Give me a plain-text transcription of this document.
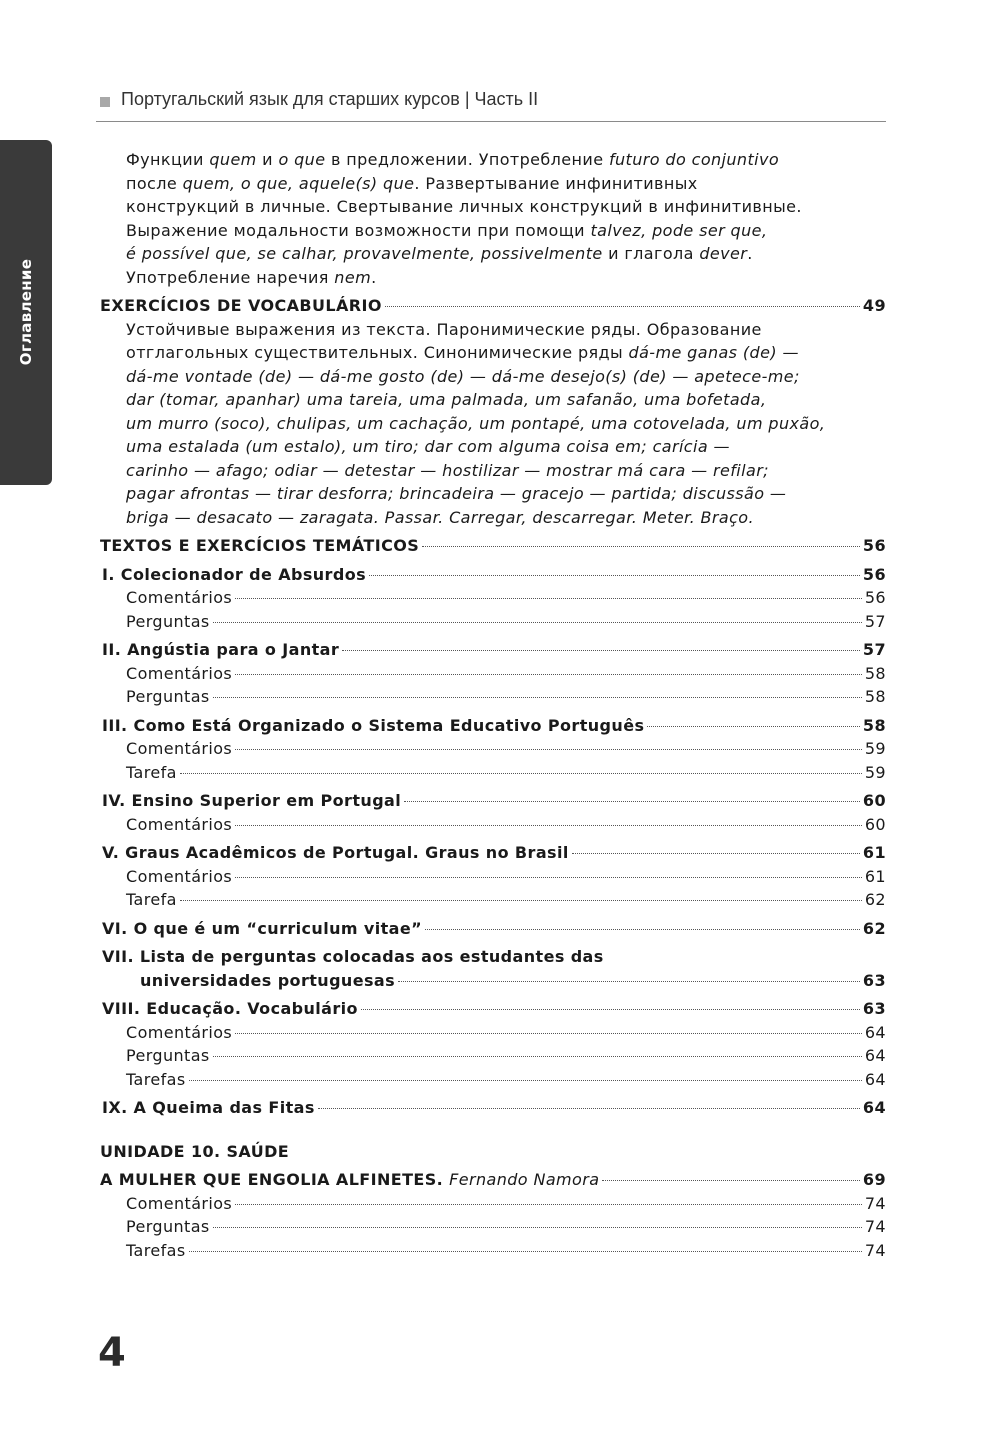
Португальский язык для старших курсов | Часть II
Оглавление
Функции quem и o que в предложении. Употребление futuro do conjuntivo
после quem, o que, aquele(s) que. Развертывание инфинитивных
конструкций в личные. Свертывание личных конструкций в инфинитивные.
Выражение модальности возможности при помощи talvez, pode ser que,
é possível que, se calhar, provavelmente, possivelmente и глагола dever.
Употребление наречия nem.
EXERCÍCIOS DE VOCABULÁRIO	49
Устойчивые выражения из текста. Паронимические ряды. Образование
отглагольных существительных. Синонимические ряды dá-me ganas (de) —
dá-me vontade (de) — dá-me gosto (de) — dá-me desejo(s) (de) — apetece-me;
dar (tomar, apanhar) uma tareia, uma palmada, um safanão, uma bofetada,
um murro (soco), chulipas, um cachação, um pontapé, uma cotovelada, um puxão,
uma estalada (um estalo), um tiro; dar com alguma coisa em; carícia —
carinho — afago; odiar — detestar — hostilizar — mostrar má cara — refilar;
pagar afrontas — tirar desforra; brincadeira — gracejo — partida; discussão —
briga — desacato — zaragata. Passar. Carregar, descarregar. Meter. Braço.
TEXTOS E EXERCÍCIOS TEMÁTICOS	56
I. Colecionador de Absurdos	56
Comentários	56
Perguntas	57
II. Angústia para o Jantar	57
Comentários	58
Perguntas	58
III. Como Está Organizado o Sistema Educativo Português	58
Comentários	59
Tarefa	59
IV. Ensino Superior em Portugal	60
Comentários	60
V. Graus Acadêmicos de Portugal. Graus no Brasil	61
Comentários	61
Tarefa	62
VI. O que é um “curriculum vitae”	62
VII. Lista de perguntas colocadas aos estudantes das
universidades portuguesas	63
VIII. Educação. Vocabulário	63
Comentários	64
Perguntas	64
Tarefas	64
IX. A Queima das Fitas	64
UNIDADE 10. SAÚDE
A MULHER QUE ENGOLIA ALFINETES. Fernando Namora	69
Comentários	74
Perguntas	74
Tarefas	74
4
